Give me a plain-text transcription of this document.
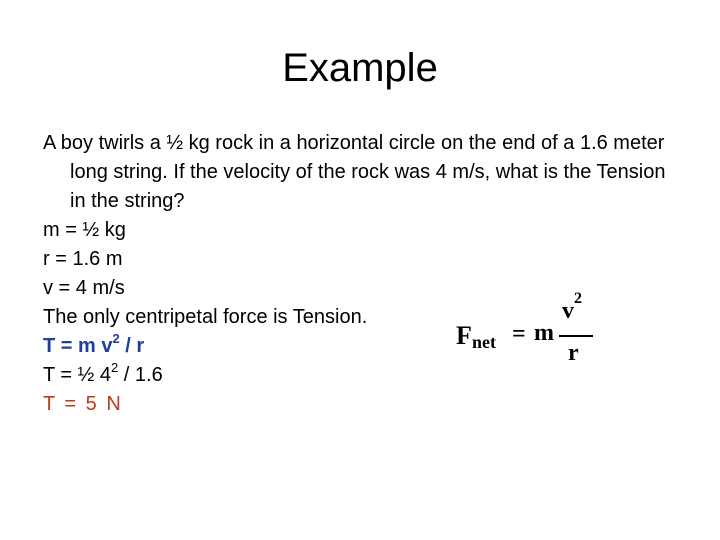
Example

A boy twirls a ½ kg rock in a horizontal circle on the end of a 1.6 meter long string. If the velocity of the rock was 4 m/s, what is the Tension in the string?

m = ½ kg

r = 1.6 m

v = 4 m/s

The only centripetal force is Tension.

T = m $v^2$ / r

T = ½ $4^2 / 1.6$

T = 5 N

F net = m
$v^2$
r
